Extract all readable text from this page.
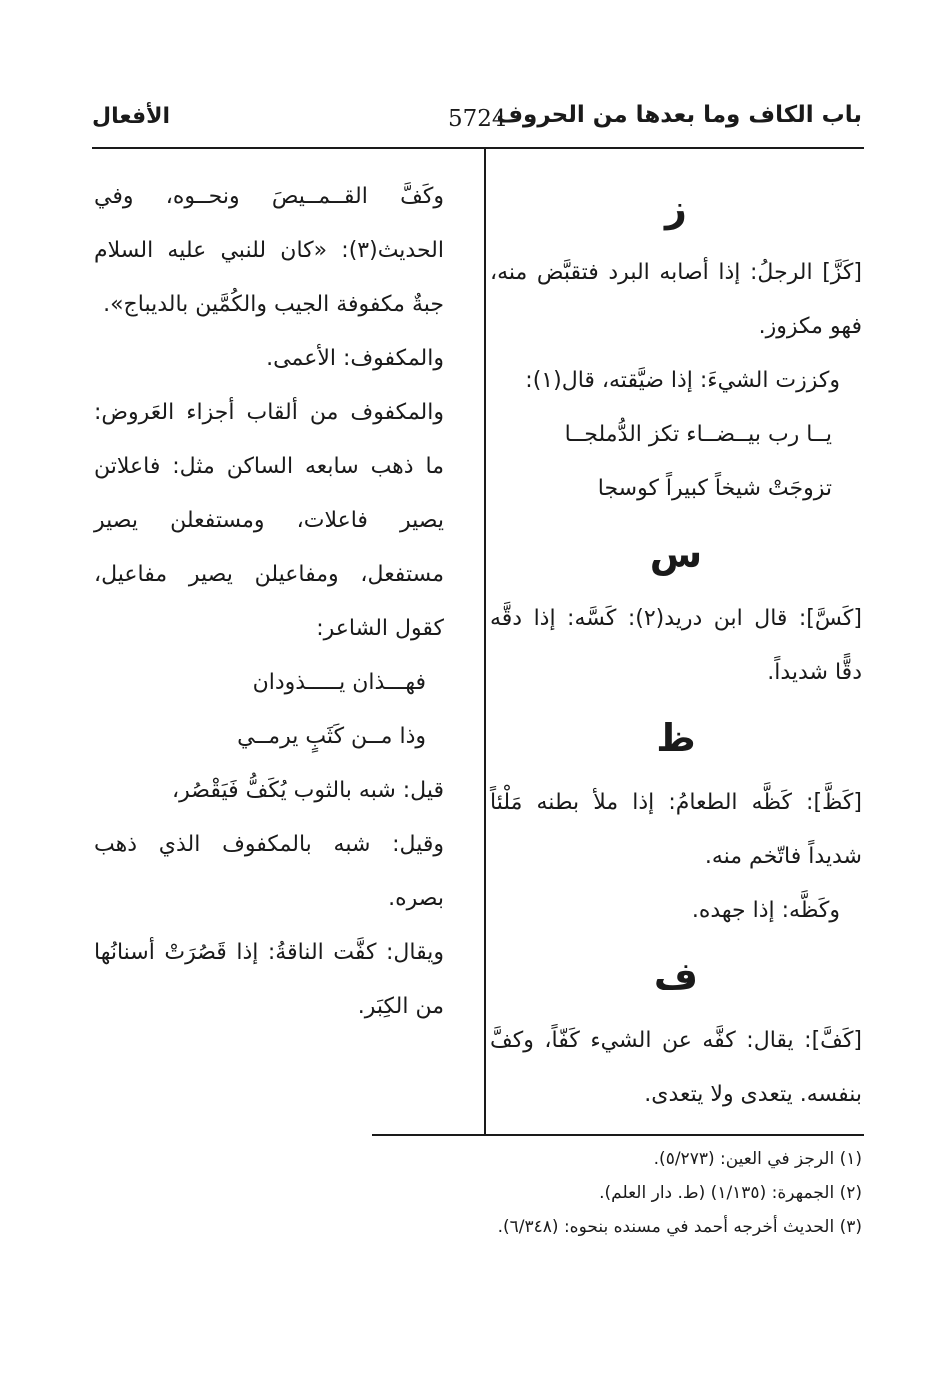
باب الكاف وما بعدها من الحروف
5724
الأفعال
ز

[كَزَّ] الرجلُ: إذا أصابه البرد فتقبَّض منه، فهو مكزوز.

وكززت الشيءَ: إذا ضيَّقته، قال(١):

يــا رب بيــضــاء تكز الدُّملجــا

تزوجَتْ شيخاً كبيراً كوسجا

س

[كَسَّ]: قال ابن دريد(٢): كَسَّه: إذا دقَّه دقًّا شديداً.

ظ

[كَظَّ]: كَظَّه الطعامُ: إذا ملأ بطنه مَلْئاً شديداً فاتّخم منه.

وكَظَّه: إذا جهده.

ف

[كَفَّ]: يقال: كفَّه عن الشيء كَفّاً، وكفَّ بنفسه. يتعدى ولا يتعدى.

وكَفَّ القــمــيصَ ونحــوه، وفي الحديث(٣): «كان للنبي عليه السلام جبةٌ مكفوفة الجيب والكُمَّين بالديباج».

والمكفوف: الأعمى.

والمكفوف من ألقاب أجزاء العَروض: ما ذهب سابعه الساكن مثل: فاعلاتن يصير فاعلات، ومستفعلن يصير مستفعل، ومفاعيلن يصير مفاعيل، كقول الشاعر:

فهـــذان يـــــذودان

وذا مــن كَثَبٍ يرمــي

قيل: شبه بالثوب يُكَفُّ فَيَقْصُر،

وقيل: شبه بالمكفوف الذي ذهب بصره.

ويقال: كفَّت الناقةُ: إذا قَصُرَتْ أسنانُها من الكِبَر.

(١) الرجز في العين: (٥/٢٧٣).
(٢) الجمهرة: (١/١٣٥) (ط. دار العلم).
(٣) الحديث أخرجه أحمد في مسنده بنحوه: (٦/٣٤٨).
